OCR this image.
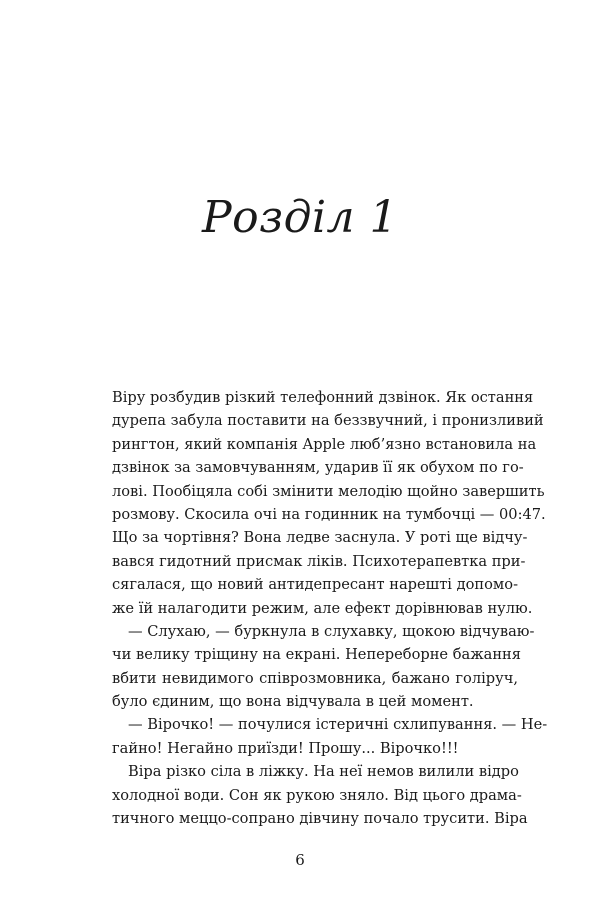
Розділ 1
Віру розбудив різкий телефонний дзвінок. Як остання
дурепа забула поставити на беззвучний, і пронизливий
рингтон, який компанія Apple люб’язно встановила на
дзвінок за замовчуванням, ударив її як обухом по го-
лові. Пообіцяла собі змінити мелодію щойно завершить
розмову. Скосила очі на годинник на тумбочці — 00:47.
Що за чортівня? Вона ледве заснула. У роті ще відчу-
вався гидотний присмак ліків. Психотерапевтка при-
сягалася, що новий антидепресант нарешті допомо-
же їй налагодити режим, але ефект дорівнював нулю.
— Слухаю, — буркнула в слухавку, щокою відчуваю-
чи велику тріщину на екрані. Непереборне бажання
вбити невидимого співрозмовника, бажано голіруч,
було єдиним, що вона відчувала в цей момент.
— Вірочко! — почулися істеричні схлипування. — Не-
гайно! Негайно приїзди! Прошу... Вірочко!!!
Віра різко сіла в ліжку. На неї немов вилили відро
холодної води. Сон як рукою зняло. Від цього драма-
тичного меццо-сопрано дівчину почало трусити. Віра
6
